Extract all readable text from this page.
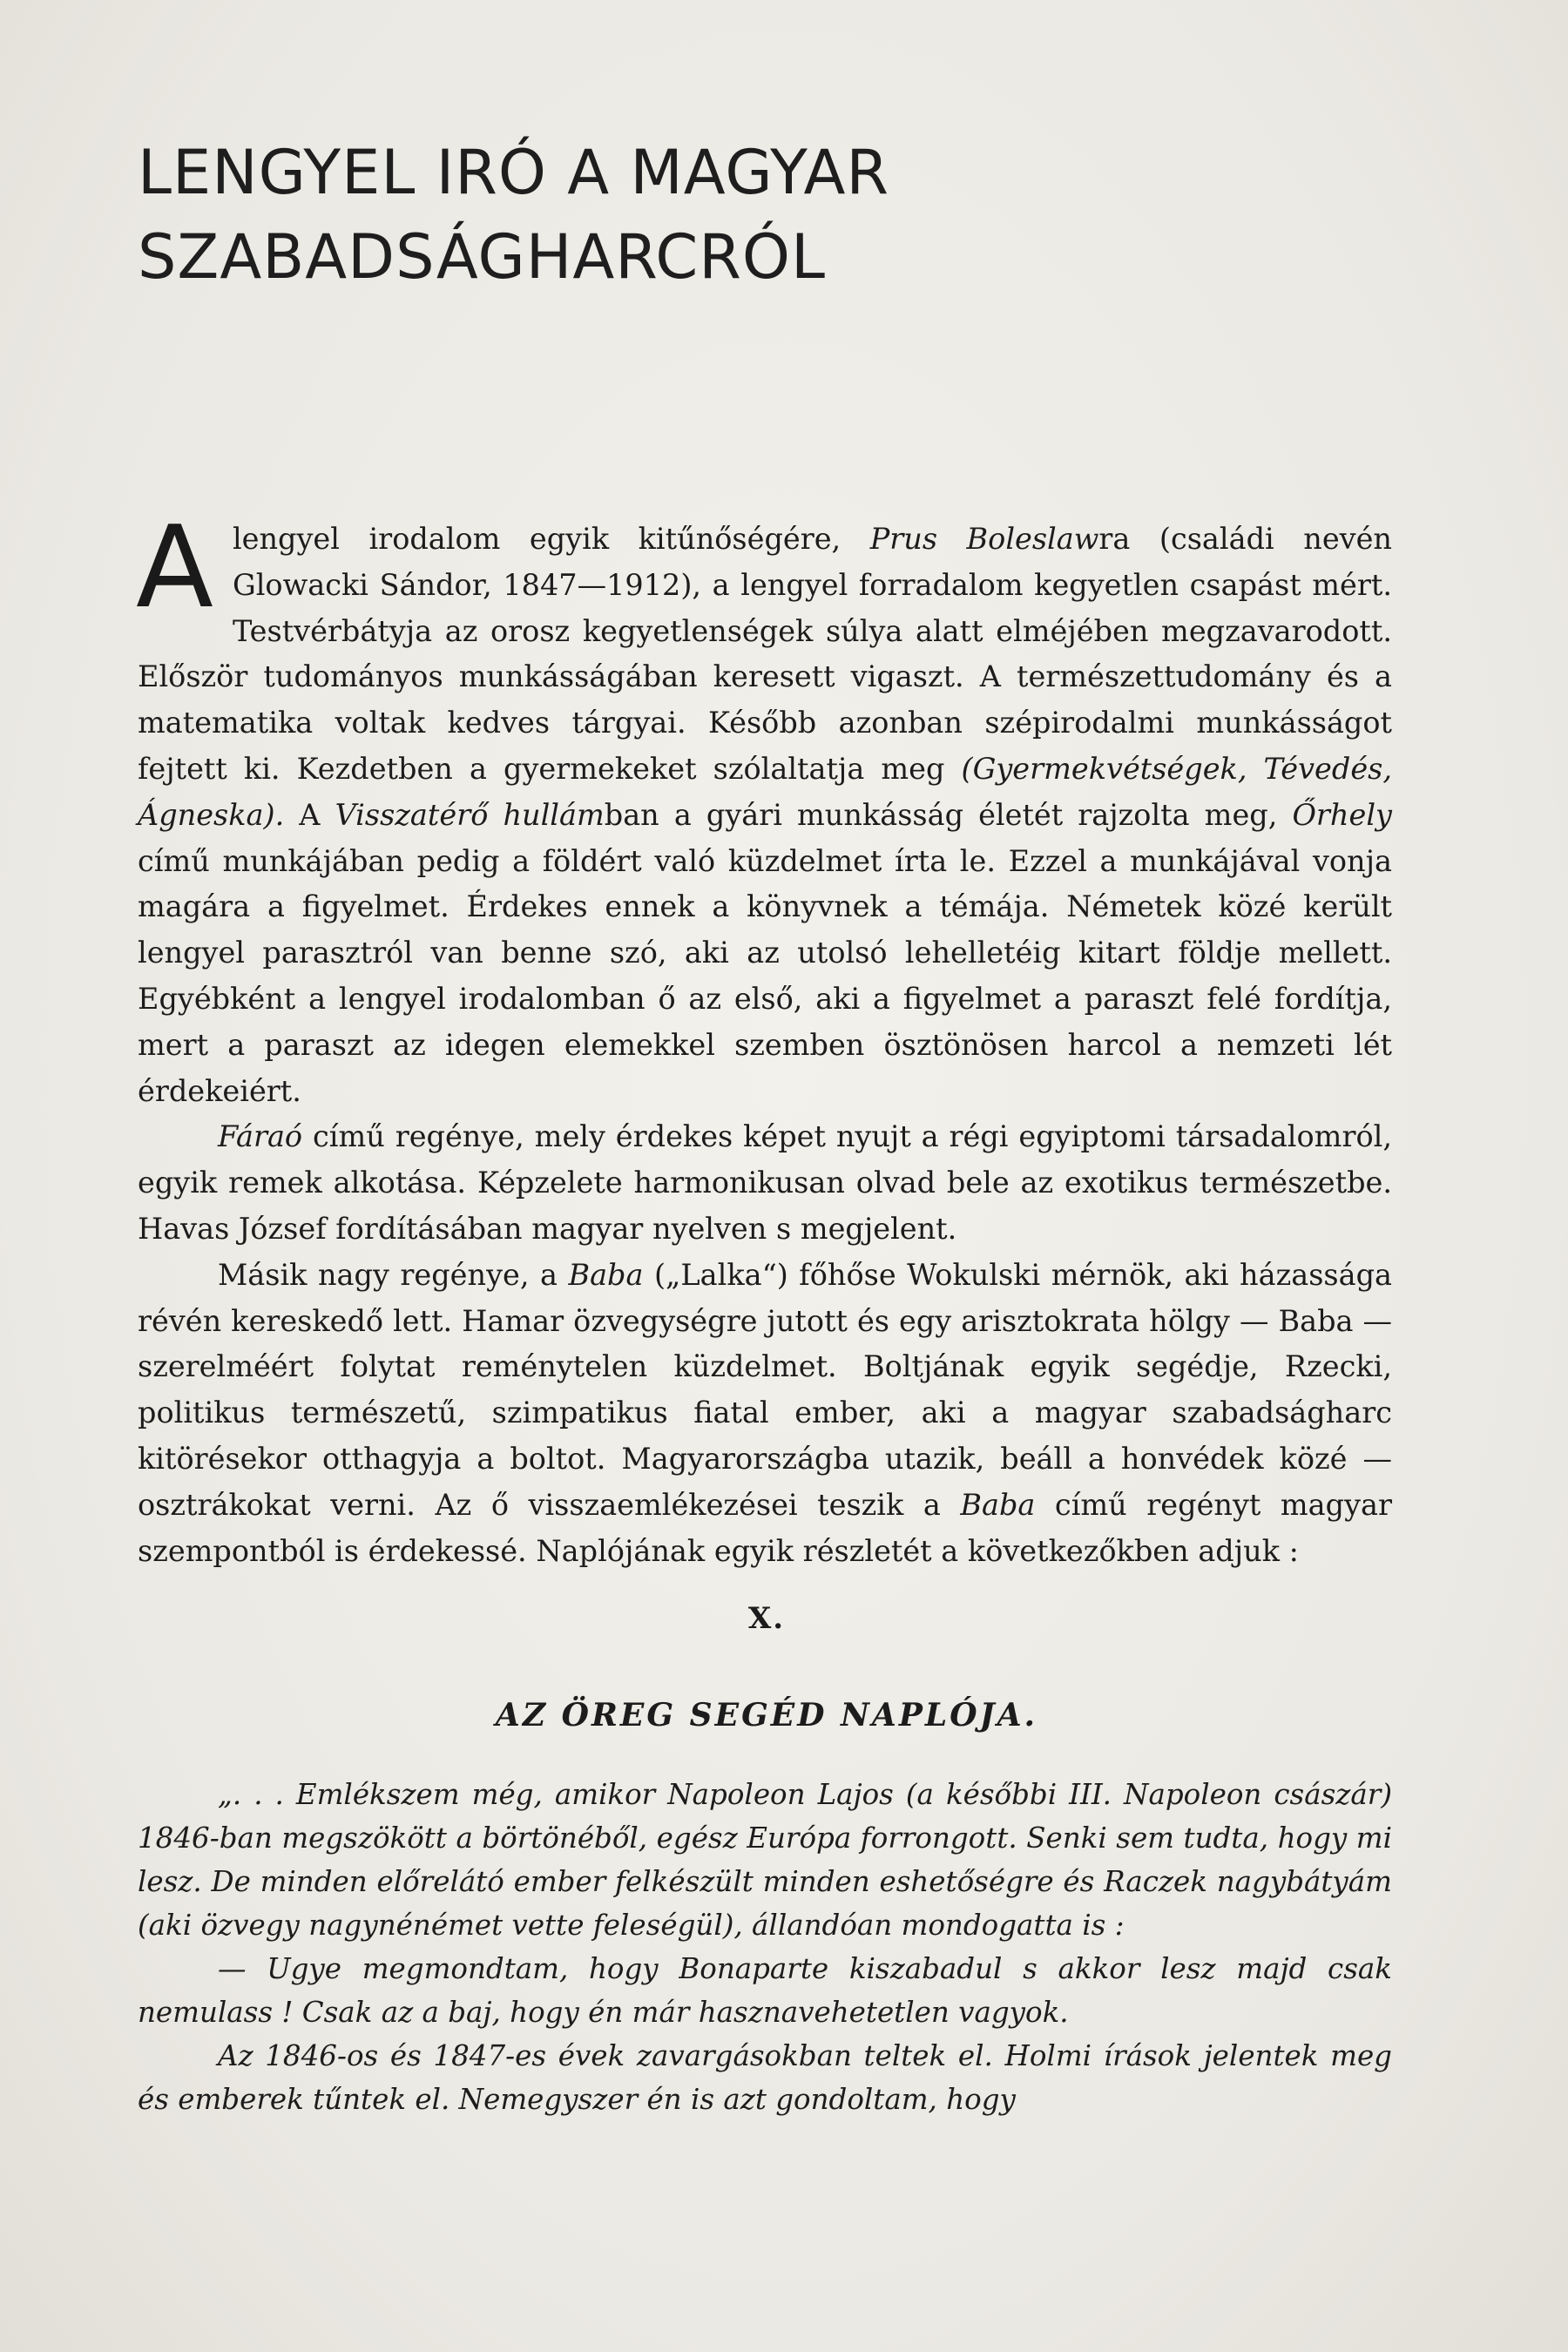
LENGYEL IRÓ A MAGYAR
SZABADSÁGHARCRÓL

A lengyel irodalom egyik kitűnőségére, Prus Boleslawra (családi nevén Glowacki Sándor, 1847—1912), a lengyel forradalom kegyetlen csapást mért. Testvérbátyja az orosz kegyetlenségek súlya alatt elméjében megzavarodott. Először tudományos munkásságában keresett vigaszt. A természettudomány és a matematika voltak kedves tárgyai. Később azonban szépirodalmi munkásságot fejtett ki. Kezdetben a gyermekeket szólaltatja meg (Gyermekvétségek, Tévedés, Ágneska). A Visszatérő hullámban a gyári munkásság életét rajzolta meg, Őrhely című munkájában pedig a földért való küzdelmet írta le. Ezzel a munkájával vonja magára a figyelmet. Érdekes ennek a könyvnek a témája. Németek közé került lengyel parasztról van benne szó, aki az utolsó lehelletéig kitart földje mellett. Egyébként a lengyel irodalomban ő az első, aki a figyelmet a paraszt felé fordítja, mert a paraszt az idegen elemekkel szemben ösztönösen harcol a nemzeti lét érdekeiért.

Fáraó című regénye, mely érdekes képet nyujt a régi egyiptomi társadalomról, egyik remek alkotása. Képzelete harmonikusan olvad bele az exotikus természetbe. Havas József fordításában magyar nyelven s megjelent.

Másik nagy regénye, a Baba („Lalka“) főhőse Wokulski mérnök, aki házassága révén kereskedő lett. Hamar özvegységre jutott és egy arisztokrata hölgy — Baba — szerelméért folytat reménytelen küzdelmet. Boltjának egyik segédje, Rzecki, politikus természetű, szimpatikus fiatal ember, aki a magyar szabadságharc kitörésekor otthagyja a boltot. Magyarországba utazik, beáll a honvédek közé — osztrákokat verni. Az ő visszaemlékezései teszik a Baba című regényt magyar szempontból is érdekessé. Naplójának egyik részletét a következőkben adjuk :

X.
AZ ÖREG SEGÉD NAPLÓJA.

„. . . Emlékszem még, amikor Napoleon Lajos (a későbbi III. Napoleon császár) 1846-ban megszökött a börtönéből, egész Európa forrongott. Senki sem tudta, hogy mi lesz. De minden előrelátó ember felkészült minden eshetőségre és Raczek nagybátyám (aki özvegy nagynénémet vette feleségül), állandóan mondogatta is :

— Ugye megmondtam, hogy Bonaparte kiszabadul s akkor lesz majd csak nemulass ! Csak az a baj, hogy én már hasznavehetetlen vagyok.

Az 1846-os és 1847-es évek zavargásokban teltek el. Holmi írások jelentek meg és emberek tűntek el. Nemegyszer én is azt gondoltam, hogy
